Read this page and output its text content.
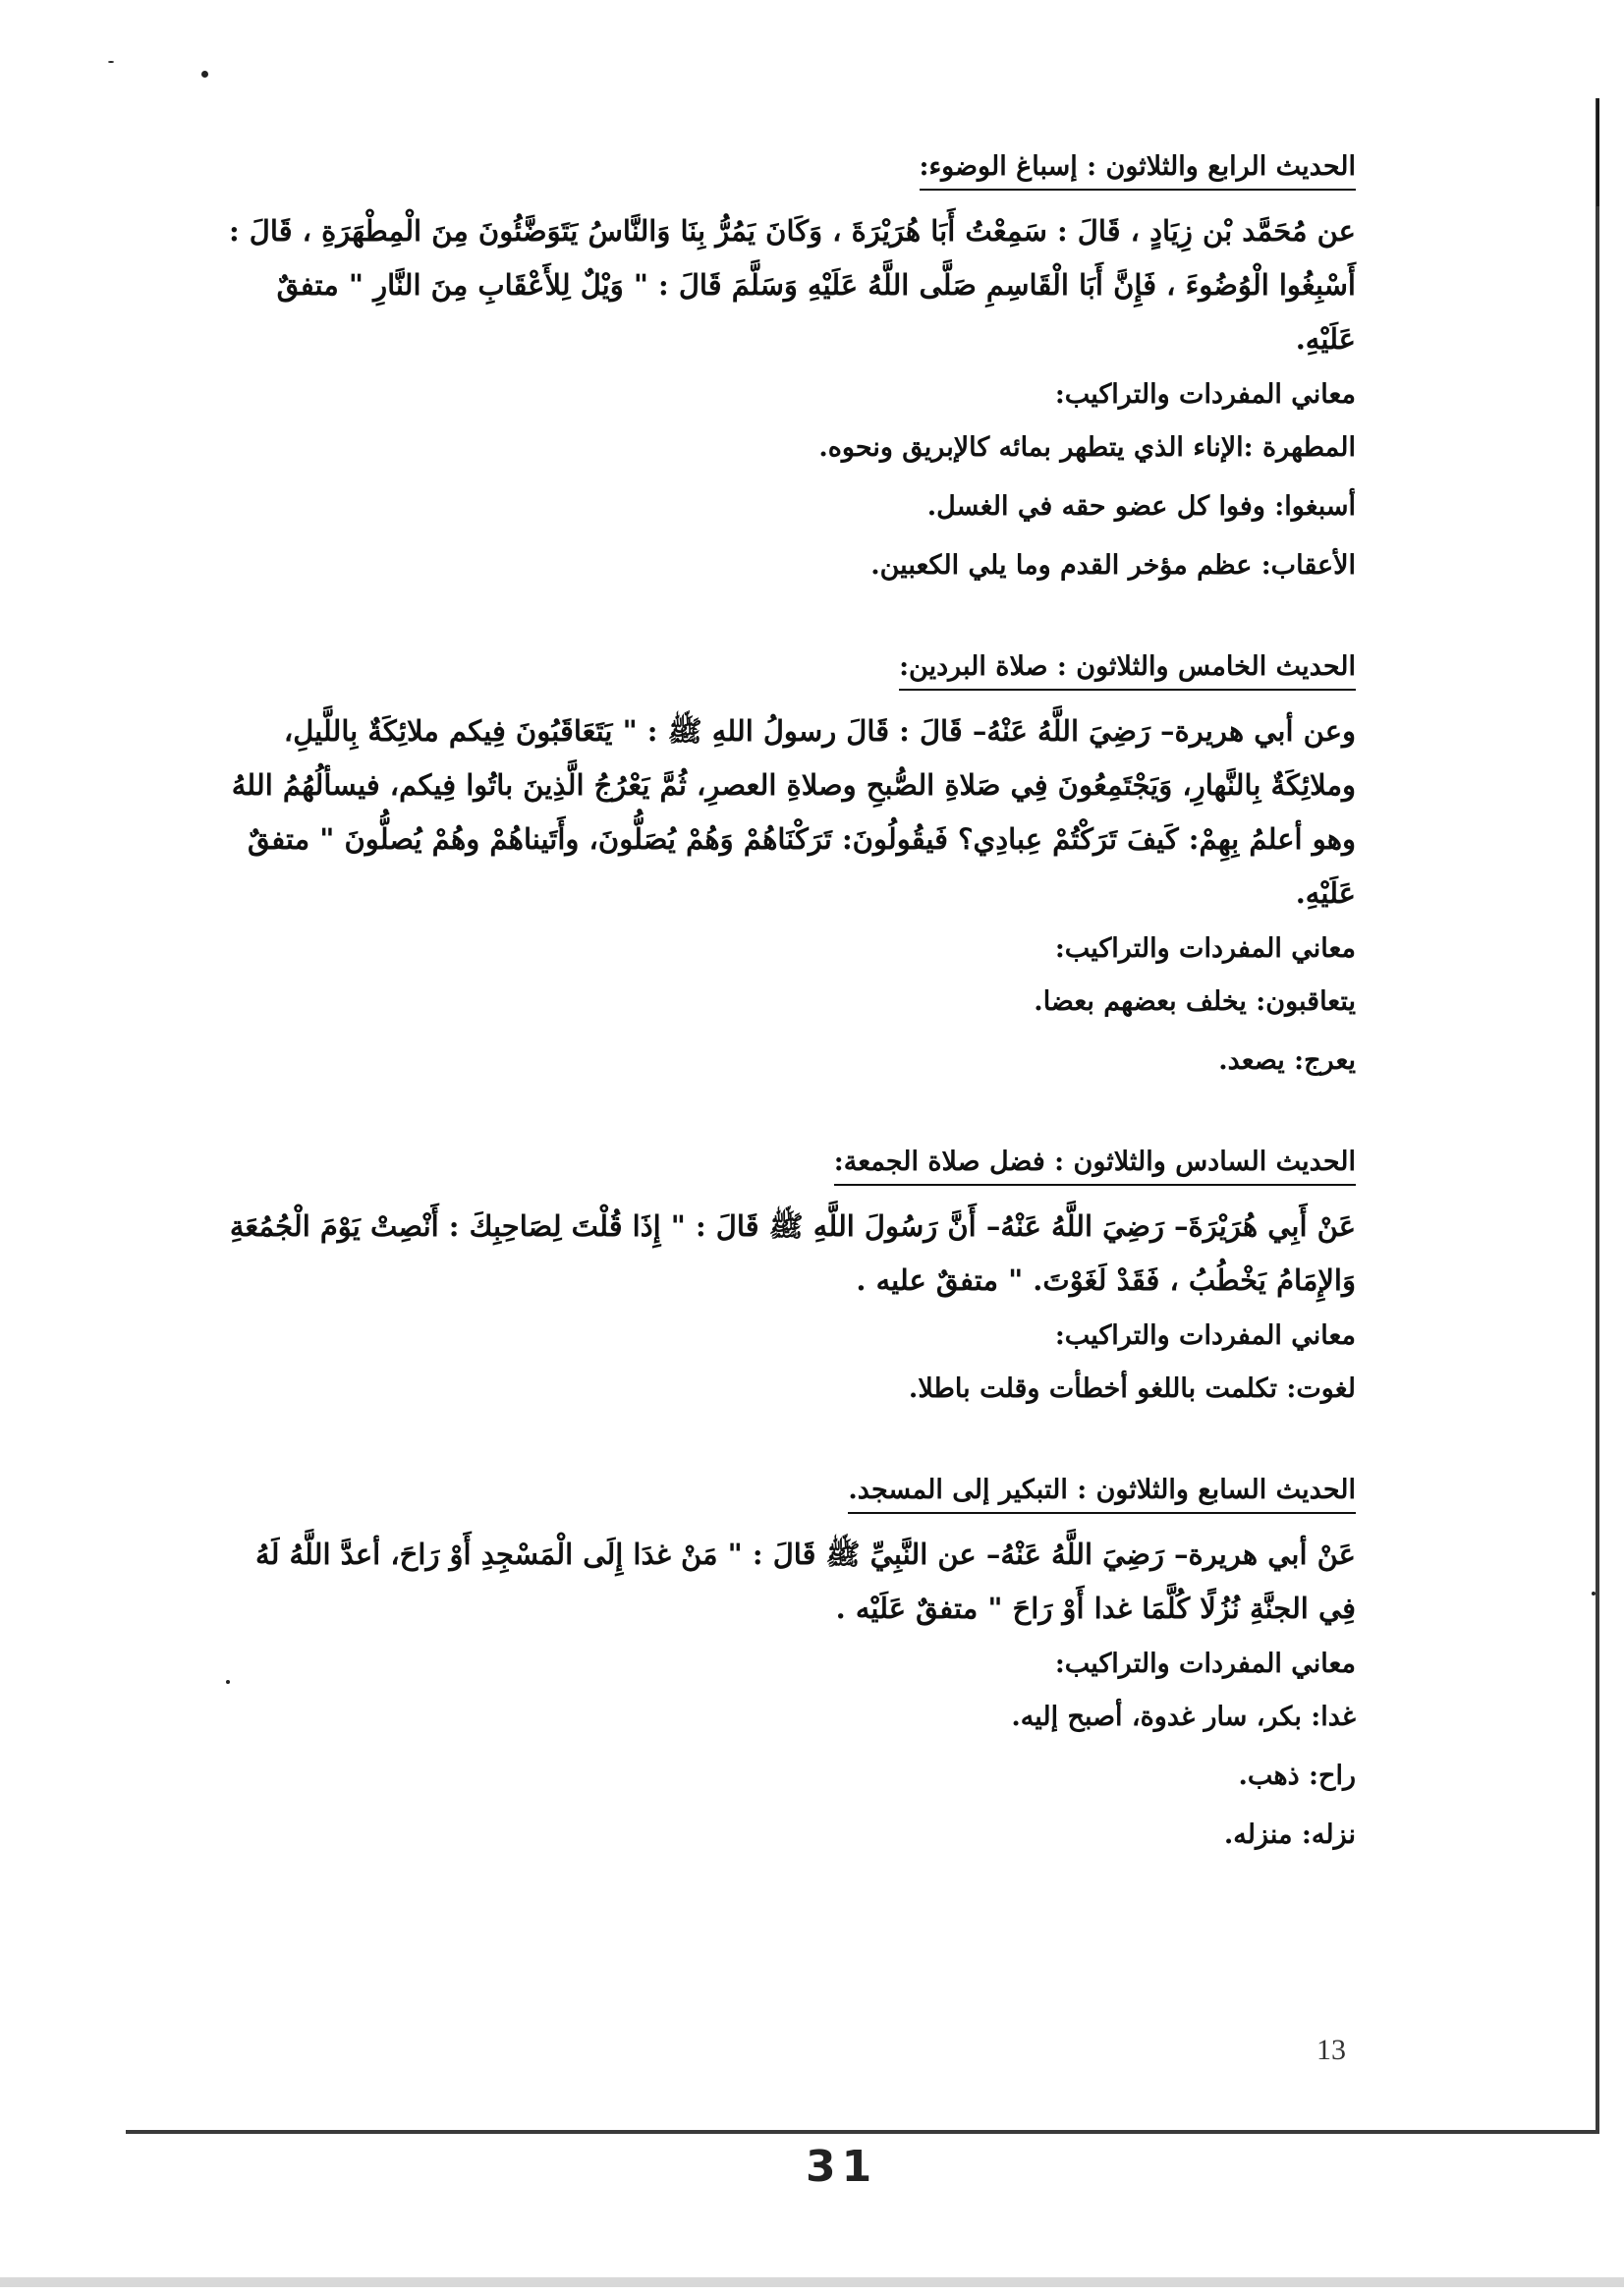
الحديث الرابع والثلاثون : إسباغ الوضوء:

عن مُحَمَّد بْن زِيَادٍ ، قَالَ : سَمِعْتُ أَبَا هُرَيْرَةَ ، وَكَانَ يَمُرُّ بِنَا وَالنَّاسُ يَتَوَضَّئُونَ مِنَ الْمِطْهَرَةِ ، قَالَ : أَسْبِغُوا الْوُضُوءَ ، فَإِنَّ أَبَا الْقَاسِمِ صَلَّى اللَّهُ عَلَيْهِ وَسَلَّمَ قَالَ : " وَيْلٌ لِلأَعْقَابِ مِنَ النَّارِ " متفقٌ عَلَيْهِ.

معاني المفردات والتراكيب:

المطهرة :الإناء الذي يتطهر بمائه كالإبريق ونحوه.

أسبغوا: وفوا كل عضو حقه في الغسل.

الأعقاب: عظم مؤخر القدم وما يلي الكعبين.

الحديث الخامس والثلاثون : صلاة البردين:

وعن أبي هريرة– رَضِيَ اللَّهُ عَنْهُ– قَالَ : قَالَ رسولُ اللهِ ﷺ : " يَتَعَاقَبُونَ فِيكم ملائِكَةٌ بِاللَّيلِ، وملائِكَةٌ بِالنَّهارِ، وَيَجْتَمِعُونَ فِي صَلاةِ الصُّبحِ وصلاةِ العصرِ، ثُمَّ يَعْرُجُ الَّذِينَ باتُوا فِيكم، فيسألُهُمُ اللهُ وهو أعلمُ بِهِمْ: كَيفَ تَرَكْتُمْ عِبادِي؟ فَيقُولُونَ: تَرَكْنَاهُمْ وَهُمْ يُصَلُّونَ، وأَتَيناهُمْ وهُمْ يُصلُّونَ " متفقٌ عَلَيْهِ.

معاني المفردات والتراكيب:

يتعاقبون: يخلف بعضهم بعضا.

يعرج: يصعد.

الحديث السادس والثلاثون : فضل صلاة الجمعة:

عَنْ أَبِي هُرَيْرَةَ– رَضِيَ اللَّهُ عَنْهُ– أَنَّ رَسُولَ اللَّهِ ﷺ قَالَ : " إِذَا قُلْتَ لِصَاحِبِكَ : أَنْصِتْ يَوْمَ الْجُمُعَةِ وَالإِمَامُ يَخْطُبُ ، فَقَدْ لَغَوْتَ. " متفقٌ عليه .

معاني المفردات والتراكيب:

لغوت: تكلمت باللغو أخطأت وقلت باطلا.

الحديث السابع والثلاثون : التبكير إلى المسجد.

عَنْ أبي هريرة– رَضِيَ اللَّهُ عَنْهُ– عن النَّبِيِّ ﷺ قَالَ : " مَنْ غدَا إِلَى الْمَسْجِدِ أَوْ رَاحَ، أعدَّ اللَّهُ لَهُ فِي الجنَّةِ نُزُلًا كُلَّمَا غدا أَوْ رَاحَ " متفقٌ عَلَيْه .

معاني المفردات والتراكيب:

غدا: بكر، سار غدوة، أصبح إليه.

راح: ذهب.

نزله: منزله.

13
31
